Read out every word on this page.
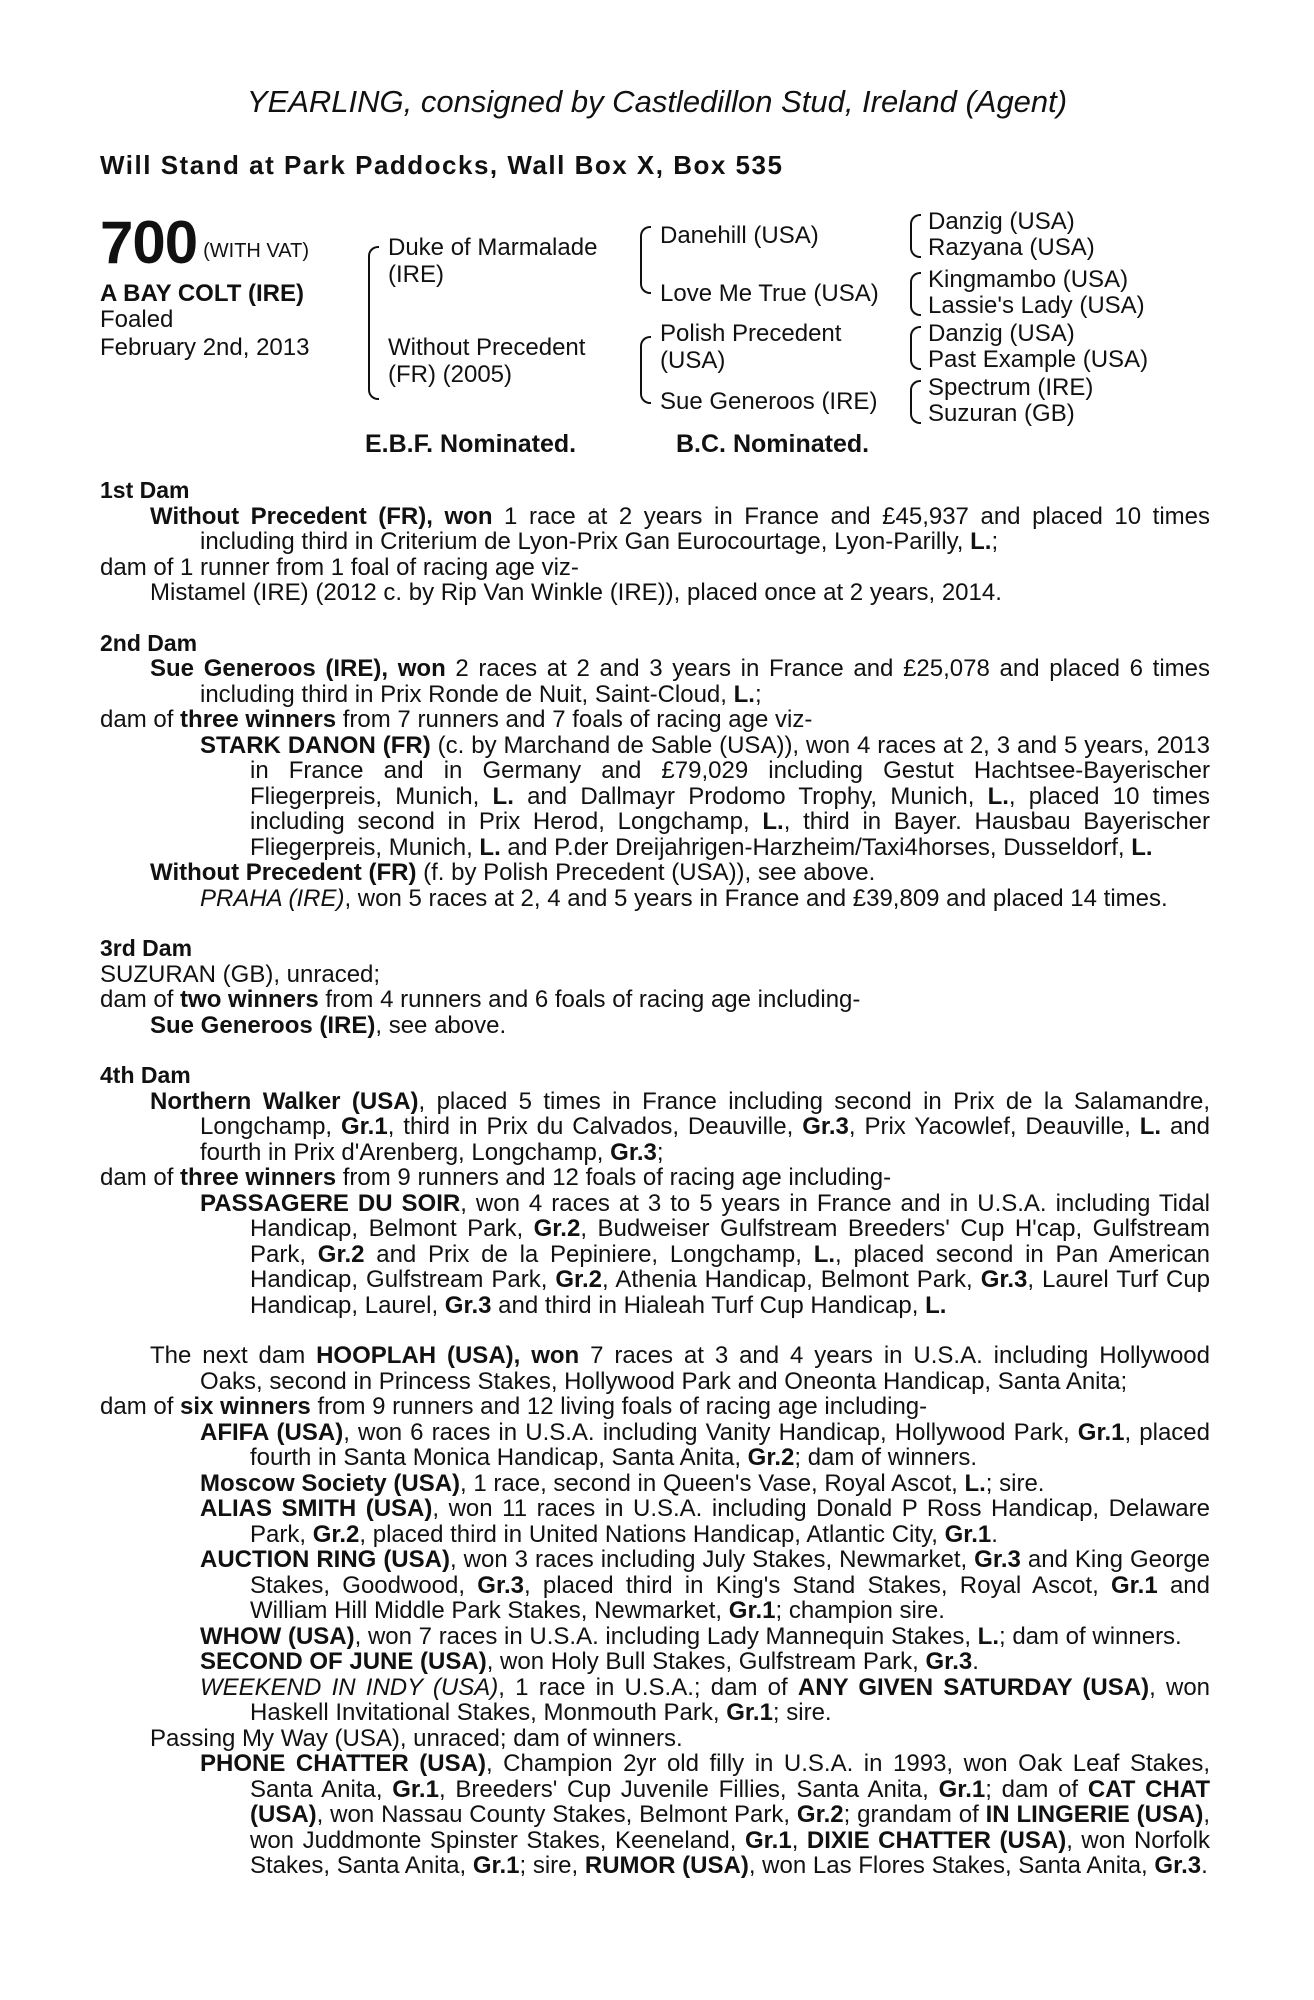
YEARLING, consigned by Castledillon Stud, Ireland (Agent)
Will Stand at Park Paddocks, Wall Box X, Box 535
700 (WITH VAT)
A BAY COLT (IRE)
Foaled
February 2nd, 2013
Duke of Marmalade (IRE)
Without Precedent (FR) (2005)
Danehill (USA)
Love Me True (USA)
Polish Precedent (USA)
Sue Generoos (IRE)
Danzig (USA)
Razyana (USA)
Kingmambo (USA)
Lassie's Lady (USA)
Danzig (USA)
Past Example (USA)
Spectrum (IRE)
Suzuran (GB)
E.B.F. Nominated.	B.C. Nominated.

1st Dam

Without Precedent (FR), won 1 race at 2 years in France and £45,937 and placed 10 times including third in Criterium de Lyon-Prix Gan Eurocourtage, Lyon-Parilly, L.;

dam of 1 runner from 1 foal of racing age viz-

Mistamel (IRE) (2012 c. by Rip Van Winkle (IRE)), placed once at 2 years, 2014.

2nd Dam

Sue Generoos (IRE), won 2 races at 2 and 3 years in France and £25,078 and placed 6 times including third in Prix Ronde de Nuit, Saint-Cloud, L.;

dam of three winners from 7 runners and 7 foals of racing age viz-

STARK DANON (FR) (c. by Marchand de Sable (USA)), won 4 races at 2, 3 and 5 years, 2013 in France and in Germany and £79,029 including Gestut Hachtsee-Bayerischer Fliegerpreis, Munich, L. and Dallmayr Prodomo Trophy, Munich, L., placed 10 times including second in Prix Herod, Longchamp, L., third in Bayer. Hausbau Bayerischer Fliegerpreis, Munich, L. and P.der Dreijahrigen-Harzheim/Taxi4horses, Dusseldorf, L.

Without Precedent (FR) (f. by Polish Precedent (USA)), see above.

PRAHA (IRE), won 5 races at 2, 4 and 5 years in France and £39,809 and placed 14 times.

3rd Dam

SUZURAN (GB), unraced;

dam of two winners from 4 runners and 6 foals of racing age including-

Sue Generoos (IRE), see above.

4th Dam

Northern Walker (USA), placed 5 times in France including second in Prix de la Salamandre, Longchamp, Gr.1, third in Prix du Calvados, Deauville, Gr.3, Prix Yacowlef, Deauville, L. and fourth in Prix d'Arenberg, Longchamp, Gr.3;

dam of three winners from 9 runners and 12 foals of racing age including-

PASSAGERE DU SOIR, won 4 races at 3 to 5 years in France and in U.S.A. including Tidal Handicap, Belmont Park, Gr.2, Budweiser Gulfstream Breeders' Cup H'cap, Gulfstream Park, Gr.2 and Prix de la Pepiniere, Longchamp, L., placed second in Pan American Handicap, Gulfstream Park, Gr.2, Athenia Handicap, Belmont Park, Gr.3, Laurel Turf Cup Handicap, Laurel, Gr.3 and third in Hialeah Turf Cup Handicap, L.

The next dam HOOPLAH (USA), won 7 races at 3 and 4 years in U.S.A. including Hollywood Oaks, second in Princess Stakes, Hollywood Park and Oneonta Handicap, Santa Anita;

dam of six winners from 9 runners and 12 living foals of racing age including-

AFIFA (USA), won 6 races in U.S.A. including Vanity Handicap, Hollywood Park, Gr.1, placed fourth in Santa Monica Handicap, Santa Anita, Gr.2; dam of winners.

Moscow Society (USA), 1 race, second in Queen's Vase, Royal Ascot, L.; sire.

ALIAS SMITH (USA), won 11 races in U.S.A. including Donald P Ross Handicap, Delaware Park, Gr.2, placed third in United Nations Handicap, Atlantic City, Gr.1.

AUCTION RING (USA), won 3 races including July Stakes, Newmarket, Gr.3 and King George Stakes, Goodwood, Gr.3, placed third in King's Stand Stakes, Royal Ascot, Gr.1 and William Hill Middle Park Stakes, Newmarket, Gr.1; champion sire.

WHOW (USA), won 7 races in U.S.A. including Lady Mannequin Stakes, L.; dam of winners.

SECOND OF JUNE (USA), won Holy Bull Stakes, Gulfstream Park, Gr.3.

WEEKEND IN INDY (USA), 1 race in U.S.A.; dam of ANY GIVEN SATURDAY (USA), won Haskell Invitational Stakes, Monmouth Park, Gr.1; sire.

Passing My Way (USA), unraced; dam of winners.

PHONE CHATTER (USA), Champion 2yr old filly in U.S.A. in 1993, won Oak Leaf Stakes, Santa Anita, Gr.1, Breeders' Cup Juvenile Fillies, Santa Anita, Gr.1; dam of CAT CHAT (USA), won Nassau County Stakes, Belmont Park, Gr.2; grandam of IN LINGERIE (USA), won Juddmonte Spinster Stakes, Keeneland, Gr.1, DIXIE CHATTER (USA), won Norfolk Stakes, Santa Anita, Gr.1; sire, RUMOR (USA), won Las Flores Stakes, Santa Anita, Gr.3.
